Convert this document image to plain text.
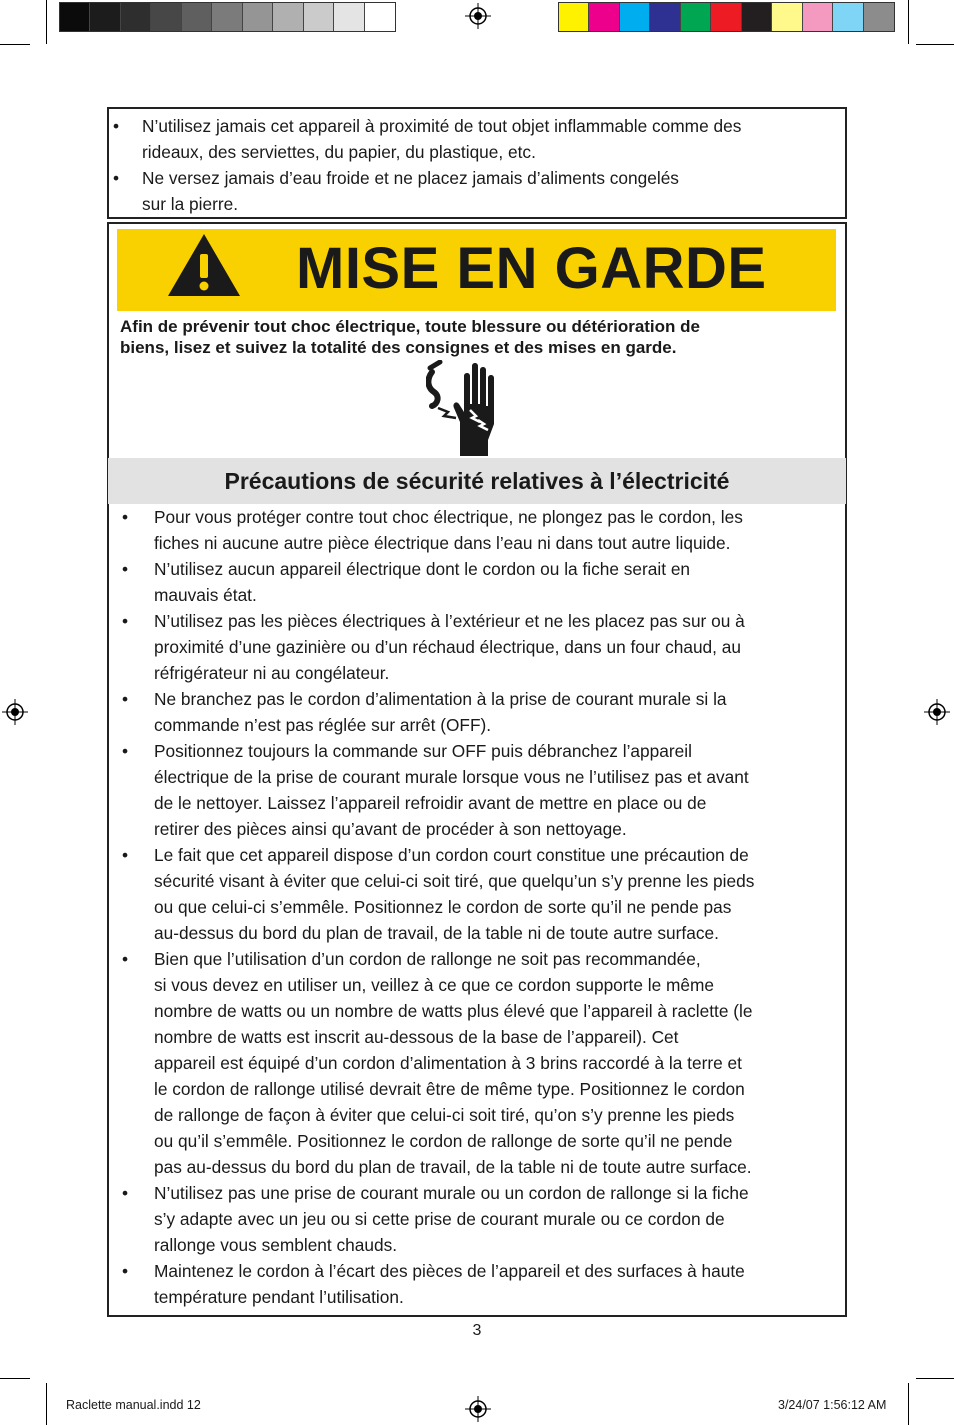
• N’utilisez jamais cet appareil à proximité de tout objet inflammable comme des
rideaux, des serviettes, du papier, du plastique, etc.
• Ne versez jamais d’eau froide et ne placez jamais d’aliments congelés
sur la pierre.
MISE EN GARDE
Afin de prévenir tout choc électrique, toute blessure ou détérioration de
biens, lisez et suivez la totalité des consignes et des mises en garde.
Précautions de sécurité relatives à l’électricité
• Pour vous protéger contre tout choc électrique, ne plongez pas le cordon, les
fiches ni aucune autre pièce électrique dans l’eau ni dans tout autre liquide.
• N’utilisez aucun appareil électrique dont le cordon ou la fiche serait en
mauvais état.
• N’utilisez pas les pièces électriques à l’extérieur et ne les placez pas sur ou à
proximité d’une gazinière ou d’un réchaud électrique, dans un four chaud, au
réfrigérateur ni au congélateur.
• Ne branchez pas le cordon d’alimentation à la prise de courant murale si la
commande n’est pas réglée sur arrêt (OFF).
• Positionnez toujours la commande sur OFF puis débranchez l’appareil
électrique de la prise de courant murale lorsque vous ne l’utilisez pas et avant
de le nettoyer. Laissez l’appareil refroidir avant de mettre en place ou de
retirer des pièces ainsi qu’avant de procéder à son nettoyage.
• Le fait que cet appareil dispose d’un cordon court constitue une précaution de
sécurité visant à éviter que celui-ci soit tiré, que quelqu’un s’y prenne les pieds
ou que celui-ci s’emmêle. Positionnez le cordon de sorte qu’il ne pende pas
au-dessus du bord du plan de travail, de la table ni de toute autre surface.
• Bien que l’utilisation d’un cordon de rallonge ne soit pas recommandée,
si vous devez en utiliser un, veillez à ce que ce cordon supporte le même
nombre de watts ou un nombre de watts plus élevé que l’appareil à raclette (le
nombre de watts est inscrit au-dessous de la base de l’appareil). Cet
appareil est équipé d’un cordon d’alimentation à 3 brins raccordé à la terre et
le cordon de rallonge utilisé devrait être de même type. Positionnez le cordon
de rallonge de façon à éviter que celui-ci soit tiré, qu’on s’y prenne les pieds
ou qu’il s’emmêle. Positionnez le cordon de rallonge de sorte qu’il ne pende
pas au-dessus du bord du plan de travail, de la table ni de toute autre surface.
• N’utilisez pas une prise de courant murale ou un cordon de rallonge si la fiche
s’y adapte avec un jeu ou si cette prise de courant murale ou ce cordon de
rallonge vous semblent chauds.
• Maintenez le cordon à l’écart des pièces de l’appareil et des surfaces à haute
température pendant l’utilisation.
3
Raclette manual.indd 12	3/24/07 1:56:12 AM
